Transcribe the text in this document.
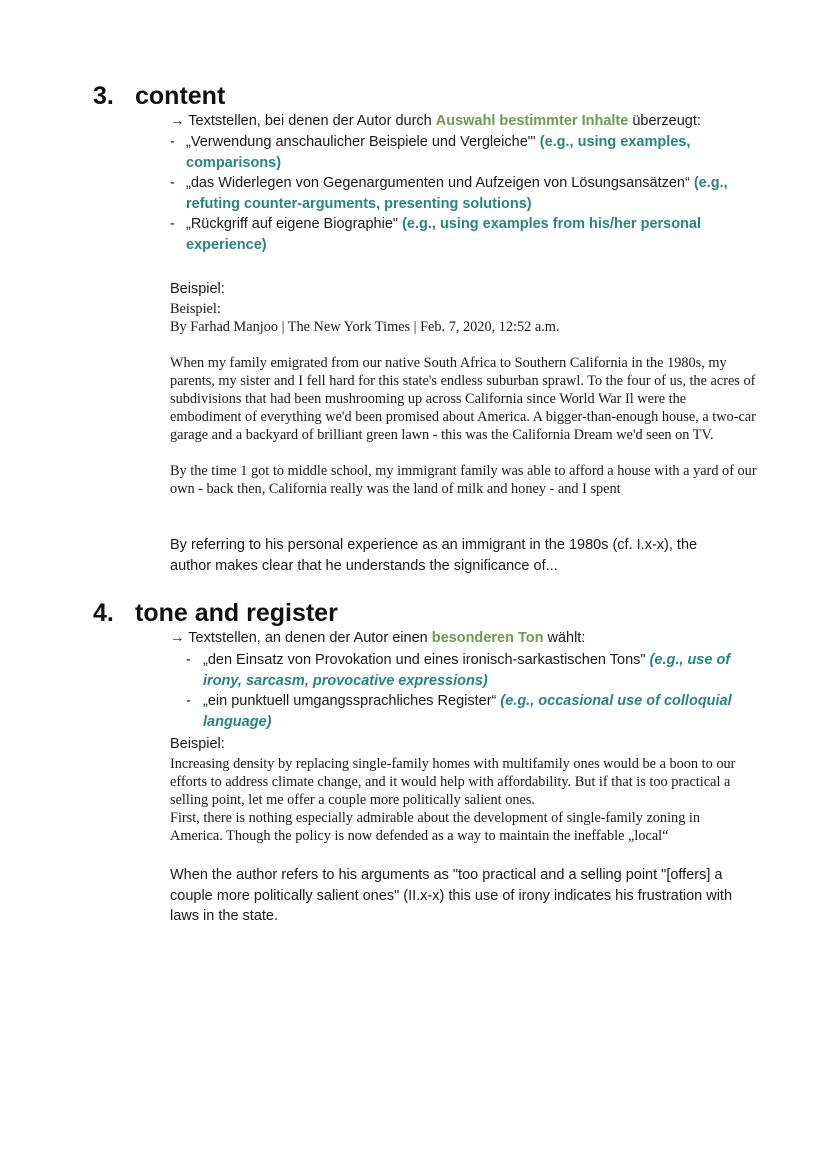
3. content

→ Textstellen, bei denen der Autor durch Auswahl bestimmter Inhalte überzeugt:

- „Verwendung anschaulicher Beispiele und Vergleiche"' (e.g., using examples, comparisons)
- „das Widerlegen von Gegenargumenten und Aufzeigen von Lösungsansätzen“ (e.g., refuting counter-arguments, presenting solutions)
- „Rückgriff auf eigene Biographie" (e.g., using examples from his/her personal experience)

Beispiel:

Beispiel:

By Farhad Manjoo | The New York Times | Feb. 7, 2020, 12:52 a.m.

When my family emigrated from our native South Africa to Southern California in the 1980s, my parents, my sister and I fell hard for this state's endless suburban sprawl. To the four of us, the acres of subdivisions that had been mushrooming up across California since World War Il were the embodiment of everything we'd been promised about America. A bigger-than-enough house, a two-car garage and a backyard of brilliant green lawn - this was the California Dream we'd seen on TV.

By the time 1 got to middle school, my immigrant family was able to afford a house with a yard of our own - back then, California really was the land of milk and honey - and I spent

By referring to his personal experience as an immigrant in the 1980s (cf. I.x-x), the author makes clear that he understands the significance of...

4. tone and register

→ Textstellen, an denen der Autor einen besonderen Ton wählt:

- „den Einsatz von Provokation und eines ironisch-sarkastischen Tons" (e.g., use of irony, sarcasm, provocative expressions)
- „ein punktuell umgangssprachliches Register“ (e.g., occasional use of colloquial language)

Beispiel:

Increasing density by replacing single-family homes with multifamily ones would be a boon to our efforts to address climate change, and it would help with affordability. But if that is too practical a selling point, let me offer a couple more politically salient ones.

First, there is nothing especially admirable about the development of single-family zoning in America. Though the policy is now defended as a way to maintain the ineffable „local“

When the author refers to his arguments as "too practical and a selling point "[offers] a couple more politically salient ones" (II.x-x) this use of irony indicates his frustration with laws in the state.
